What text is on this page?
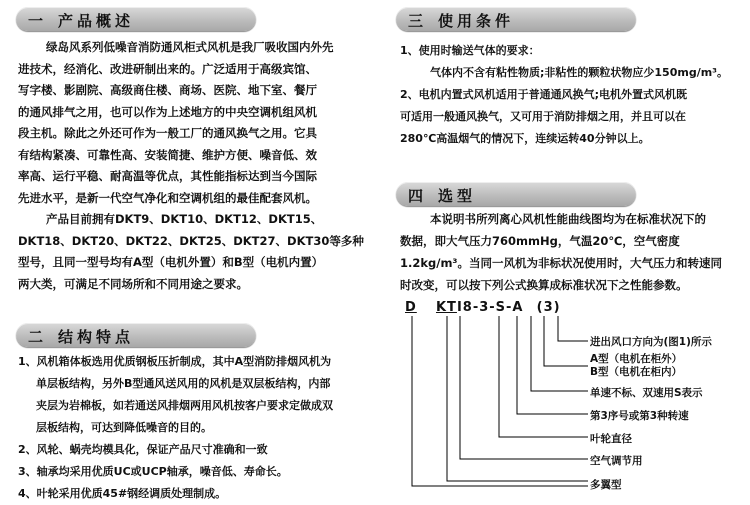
一 产品概述
绿岛风系列低噪音消防通风柜式风机是我厂吸收国内外先
进技术，经消化、改进研制出来的。广泛适用于高级宾馆、
写字楼、影剧院、高级商住楼、商场、医院、地下室、餐厅
的通风排气之用，也可以作为上述地方的中央空调机组风机
段主机。除此之外还可作为一般工厂的通风换气之用。它具
有结构紧凑、可靠性高、安装简捷、维护方便、噪音低、效
率高、运行平稳、耐高温等优点，其性能指标达到当今国际
先进水平，是新一代空气净化和空调机组的最佳配套风机。
产品目前拥有DKT9、DKT10、DKT12、DKT15、
DKT18、DKT20、DKT22、DKT25、DKT27、DKT30等多种
型号，且同一型号均有A型（电机外置）和B型（电机内置）
两大类，可满足不同场所和不同用途之要求。
二 结构特点
1、风机箱体板选用优质钢板压折制成，其中A型消防排烟风机为
单层板结构，另外B型通风送风用的风机是双层板结构，内部
夹层为岩棉板，如若通送风排烟两用风机按客户要求定做成双
层板结构，可达到降低噪音的目的。
2、风轮、蜗壳均模具化，保证产品尺寸准确和一致
3、轴承均采用优质UC或UCP轴承，噪音低、寿命长。
4、叶轮采用优质45#钢经调质处理制成。
三 使用条件
1、使用时输送气体的要求：
气体内不含有粘性物质;非粘性的颗粒状物应少150mg/m³。
2、电机内置式风机适用于普通通风换气;电机外置式风机既
可适用一般通风换气，又可用于消防排烟之用，并且可以在
280℃高温烟气的情况下，连续运转40分钟以上。
四 选型
本说明书所列离心风机性能曲线图均为在标准状况下的
数据，即大气压力760mmHg，气温20℃，空气密度
1.2kg/m³。当同一风机为非标状况使用时，大气压力和转速同
时改变，可以按下列公式换算成标准状况下之性能参数。
D KTI8-3-S-A (3)
进出风口方向为(图1)所示
A型（电机在柜外）
B型（电机在柜内）
单速不标、双速用S表示
第3序号或第3种转速
叶轮直径
空气调节用
多翼型
